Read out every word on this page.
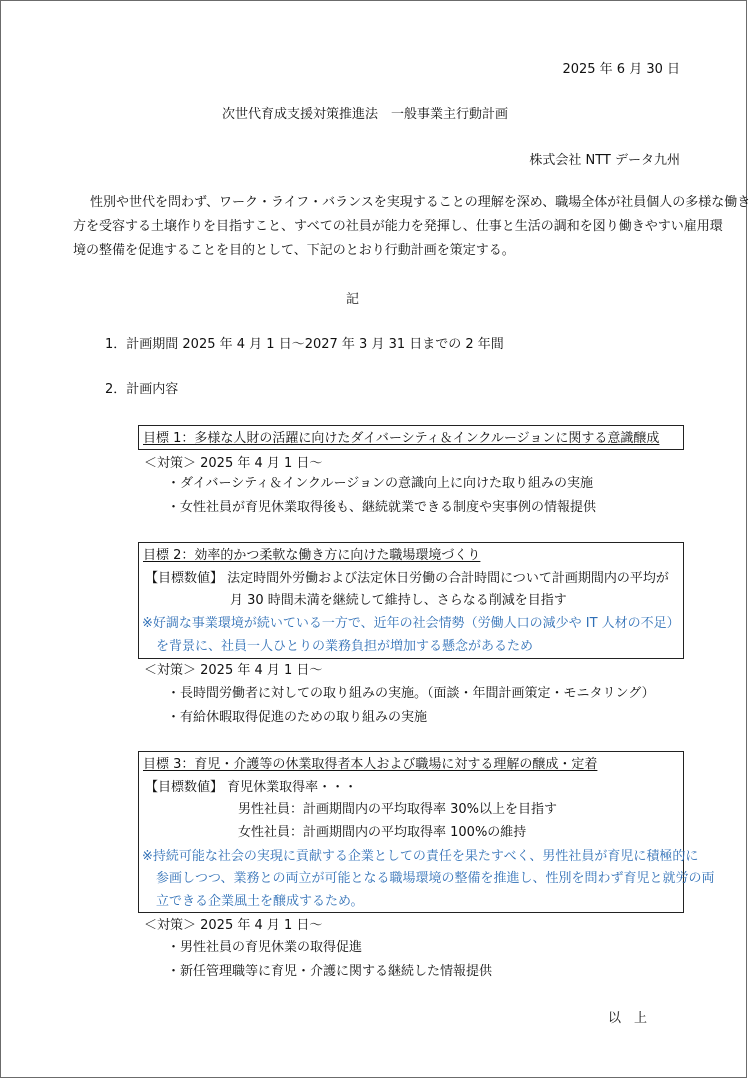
2025 年 6 月 30 日
次世代育成支援対策推進法　一般事業主行動計画
株式会社 NTT データ九州
性別や世代を問わず、ワーク・ライフ・バランスを実現することの理解を深め、職場全体が社員個人の多様な働き
方を受容する土壌作りを目指すこと、すべての社員が能力を発揮し、仕事と生活の調和を図り働きやすい雇用環
境の整備を促進することを目的として、下記のとおり行動計画を策定する。
記
1．計画期間 2025 年 4 月 1 日～2027 年 3 月 31 日までの 2 年間
2．計画内容
目標 1：多様な人財の活躍に向けたダイバーシティ＆インクルージョンに関する意識醸成
＜対策＞ 2025 年 4 月 1 日～
・ダイバーシティ＆インクルージョンの意識向上に向けた取り組みの実施
・女性社員が育児休業取得後も、継続就業できる制度や実事例の情報提供
目標 2：効率的かつ柔軟な働き方に向けた職場環境づくり
【目標数値】 法定時間外労働および法定休日労働の合計時間について計画期間内の平均が
月 30 時間未満を継続して維持し、さらなる削減を目指す
※好調な事業環境が続いている一方で、近年の社会情勢（労働人口の減少や IT 人材の不足）
を背景に、社員一人ひとりの業務負担が増加する懸念があるため
＜対策＞ 2025 年 4 月 1 日～
・長時間労働者に対しての取り組みの実施。（面談・年間計画策定・モニタリング）
・有給休暇取得促進のための取り組みの実施
目標 3：育児・介護等の休業取得者本人および職場に対する理解の醸成・定着
【目標数値】 育児休業取得率・・・
男性社員：計画期間内の平均取得率 30%以上を目指す
女性社員：計画期間内の平均取得率 100%の維持
※持続可能な社会の実現に貢献する企業としての責任を果たすべく、男性社員が育児に積極的に
参画しつつ、業務との両立が可能となる職場環境の整備を推進し、性別を問わず育児と就労の両
立できる企業風土を醸成するため。
＜対策＞ 2025 年 4 月 1 日～
・男性社員の育児休業の取得促進
・新任管理職等に育児・介護に関する継続した情報提供
以　上
